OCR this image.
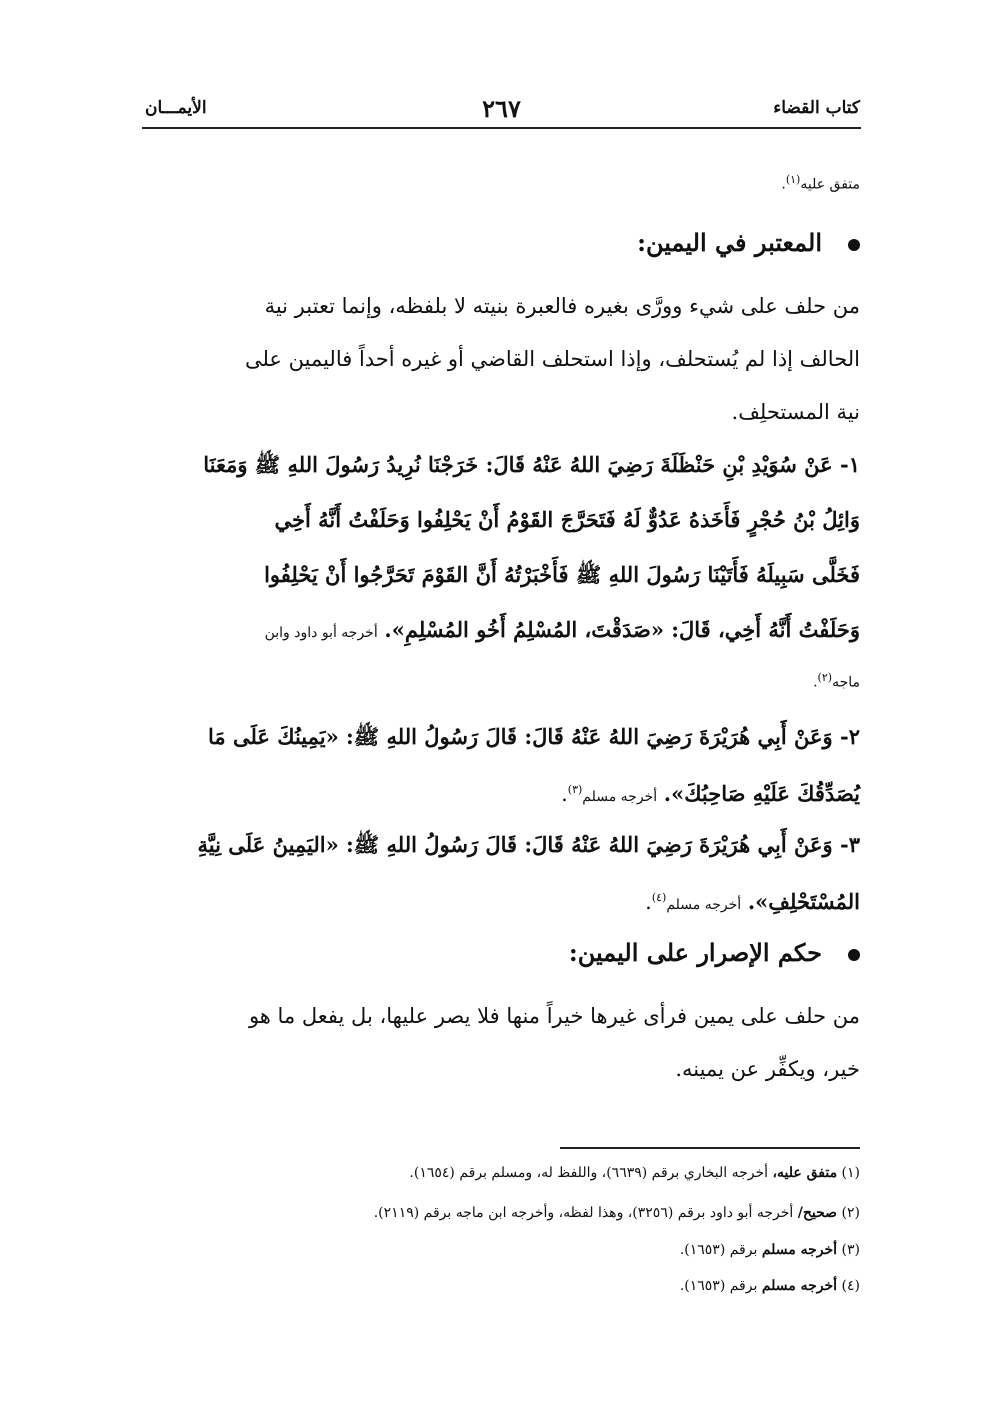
كتاب القضاء
٢٦٧
الأيمـــان
متفق عليه$^{(١)}$.
المعتبر في اليمين:
من حلف على شيء وورَّى بغيره فالعبرة بنيته لا بلفظه، وإنما تعتبر نية
الحالف إذا لم يُستحلف، وإذا استحلف القاضي أو غيره أحداً فاليمين على
نية المستحلِف.
١- عَنْ سُوَيْدِ بْنِ حَنْظَلَةَ رَضِيَ اللهُ عَنْهُ قَالَ: خَرَجْنَا نُرِيدُ رَسُولَ اللهِ ﷺ وَمَعَنَا
وَائِلُ بْنُ حُجْرٍ فَأَخَذهُ عَدُوٌّ لَهُ فَتَحَرَّجَ القَوْمُ أَنْ يَحْلِفُوا وَحَلَفْتُ أَنَّهُ أَخِي
فَخَلَّى سَبِيلَهُ فَأَتَيْنَا رَسُولَ اللهِ ﷺ فَأَخْبَرْتُهُ أَنَّ القَوْمَ تَحَرَّجُوا أَنْ يَحْلِفُوا
وَحَلَفْتُ أَنَّهُ أَخِي، قَالَ: «صَدَقْتَ، المُسْلِمُ أَخُو المُسْلِمِ». أخرجه أبو داود وابن
ماجه$^{(٢)}$.
٢- وَعَنْ أَبِي هُرَيْرَةَ رَضِيَ اللهُ عَنْهُ قَالَ: قَالَ رَسُولُ اللهِ ﷺ: «يَمِينُكَ عَلَى مَا
يُصَدِّقُكَ عَلَيْهِ صَاحِبُكَ». أخرجه مسلم$^{(٣)}$.
٣- وَعَنْ أَبِي هُرَيْرَةَ رَضِيَ اللهُ عَنْهُ قَالَ: قَالَ رَسُولُ اللهِ ﷺ: «اليَمِينُ عَلَى نِيَّةِ
المُسْتَحْلِفِ». أخرجه مسلم$^{(٤)}$.
حكم الإصرار على اليمين:
من حلف على يمين فرأى غيرها خيراً منها فلا يصر عليها، بل يفعل ما هو
خير، ويكفِّر عن يمينه.
(١) متفق عليه، أخرجه البخاري برقم (٦٦٣٩)، واللفظ له، ومسلم برقم (١٦٥٤).
(٢) صحيح/ أخرجه أبو داود برقم (٣٢٥٦)، وهذا لفظه، وأخرجه ابن ماجه برقم (٢١١٩).
(٣) أخرجه مسلم برقم (١٦٥٣).
(٤) أخرجه مسلم برقم (١٦٥٣).
